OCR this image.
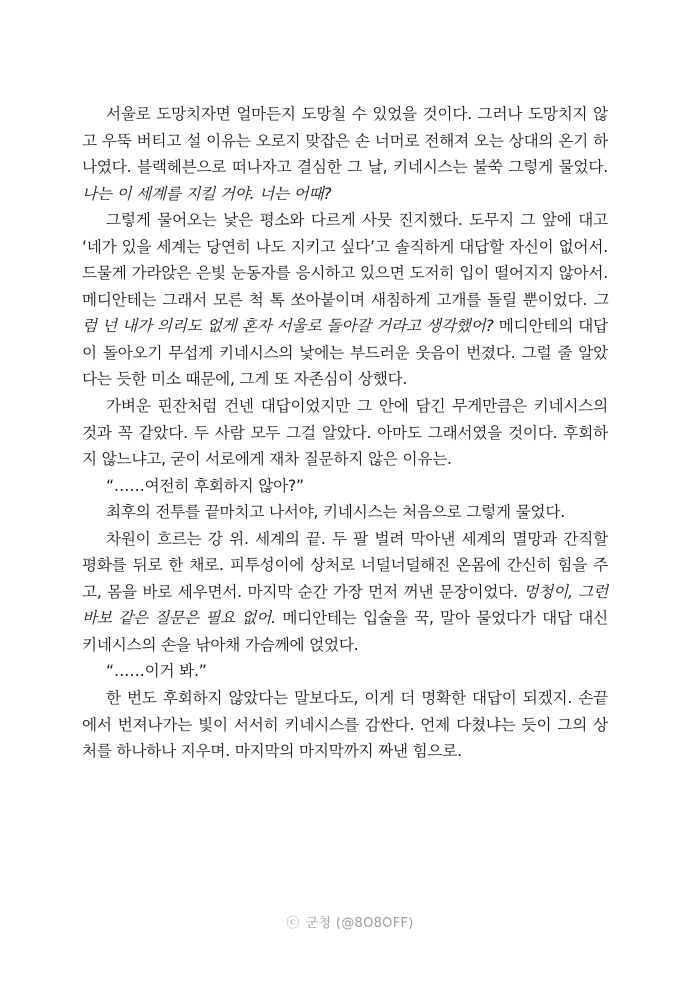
서울로 도망치자면 얼마든지 도망칠 수 있었을 것이다. 그러나 도망치지 않고 우뚝 버티고 설 이유는 오로지 맞잡은 손 너머로 전해져 오는 상대의 온기 하나였다. 블랙헤븐으로 떠나자고 결심한 그 날, 키네시스는 불쑥 그렇게 물었다. 나는 이 세계를 지킬 거야. 너는 어때?

그렇게 물어오는 낯은 평소와 다르게 사뭇 진지했다. 도무지 그 앞에 대고 ‘네가 있을 세계는 당연히 나도 지키고 싶다’고 솔직하게 대답할 자신이 없어서. 드물게 가라앉은 은빛 눈동자를 응시하고 있으면 도저히 입이 떨어지지 않아서. 메디안테는 그래서 모른 척 톡 쏘아붙이며 새침하게 고개를 돌릴 뿐이었다. 그럼 넌 내가 의리도 없게 혼자 서울로 돌아갈 거라고 생각했어? 메디안테의 대답이 돌아오기 무섭게 키네시스의 낯에는 부드러운 웃음이 번졌다. 그럴 줄 알았다는 듯한 미소 때문에, 그게 또 자존심이 상했다.

가벼운 핀잔처럼 건넨 대답이었지만 그 안에 담긴 무게만큼은 키네시스의 것과 꼭 같았다. 두 사람 모두 그걸 알았다. 아마도 그래서였을 것이다. 후회하지 않느냐고, 굳이 서로에게 재차 질문하지 않은 이유는.

“……여전히 후회하지 않아?”

최후의 전투를 끝마치고 나서야, 키네시스는 처음으로 그렇게 물었다.

차원이 흐르는 강 위. 세계의 끝. 두 팔 벌려 막아낸 세계의 멸망과 간직할 평화를 뒤로 한 채로. 피투성이에 상처로 너덜너덜해진 온몸에 간신히 힘을 주고, 몸을 바로 세우면서. 마지막 순간 가장 먼저 꺼낸 문장이었다. 멍청이, 그런 바보 같은 질문은 필요 없어. 메디안테는 입술을 꾹, 말아 물었다가 대답 대신 키네시스의 손을 낚아채 가슴께에 얹었다.

“……이거 봐.”

한 번도 후회하지 않았다는 말보다도, 이게 더 명확한 대답이 되겠지. 손끝에서 번져나가는 빛이 서서히 키네시스를 감싼다. 언제 다쳤냐는 듯이 그의 상처를 하나하나 지우며. 마지막의 마지막까지 짜낸 힘으로.

ⓒ 군청 (@8O8OFF)
